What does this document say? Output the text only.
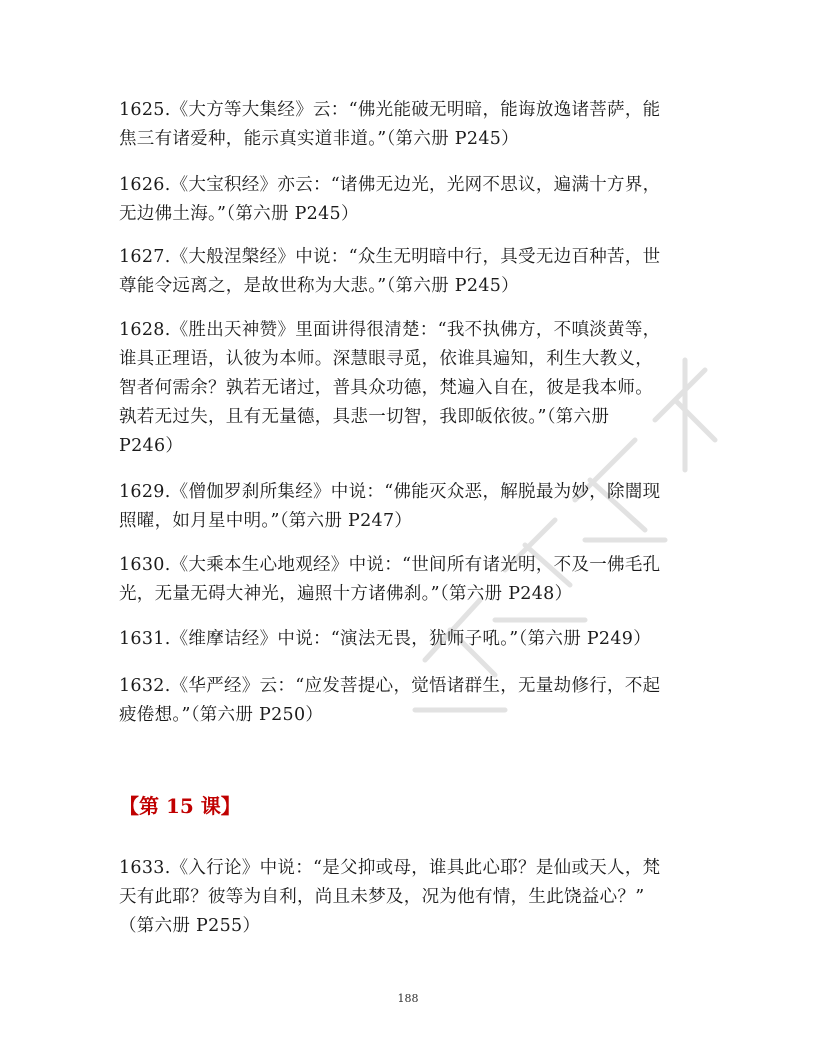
1625.《大方等大集经》云：“佛光能破无明暗，能诲放逸诸菩萨，能
焦三有诸爱种，能示真实道非道。”（第六册 P245）

1626.《大宝积经》亦云：“诸佛无边光，光网不思议，遍满十方界，
无边佛土海。”（第六册 P245）

1627.《大般涅槃经》中说：“众生无明暗中行，具受无边百种苦，世
尊能令远离之，是故世称为大悲。”（第六册 P245）

1628.《胜出天神赞》里面讲得很清楚：“我不执佛方，不嗔淡黄等，
谁具正理语，认彼为本师。深慧眼寻觅，依谁具遍知，利生大教义，
智者何需余？孰若无诸过，普具众功德，梵遍入自在，彼是我本师。
孰若无过失，且有无量德，具悲一切智，我即皈依彼。”（第六册
P246）

1629.《僧伽罗刹所集经》中说：“佛能灭众恶，解脱最为妙，除闇现
照曜，如月星中明。”（第六册 P247）

1630.《大乘本生心地观经》中说：“世间所有诸光明，不及一佛毛孔
光，无量无碍大神光，遍照十方诸佛刹。”（第六册 P248）

1631.《维摩诘经》中说：“演法无畏，犹师子吼。”（第六册 P249）

1632.《华严经》云：“应发菩提心，觉悟诸群生，无量劫修行，不起
疲倦想。”（第六册 P250）

【第 15 课】

1633.《入行论》中说：“是父抑或母，谁具此心耶？是仙或天人，梵
天有此耶？彼等为自利，尚且未梦及，况为他有情，生此饶益心？”
（第六册 P255）

188
